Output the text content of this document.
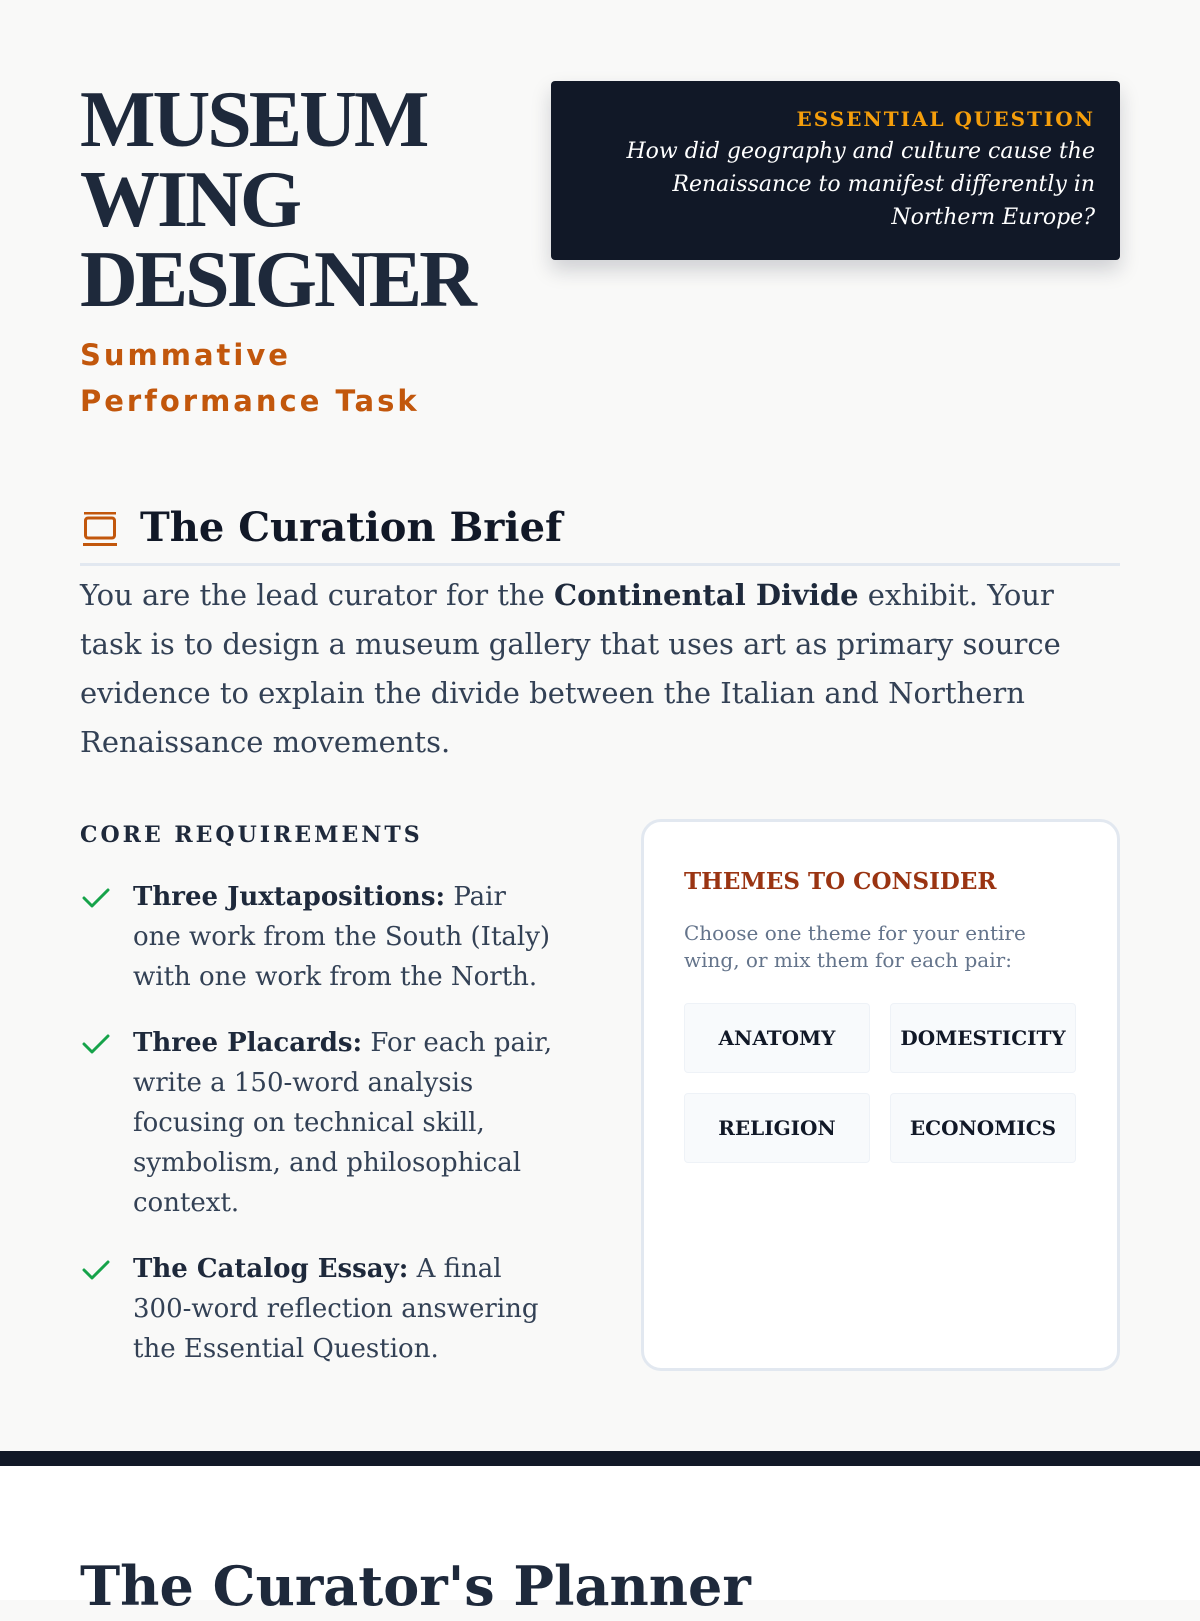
MUSEUM
WING
DESIGNER

Summative Performance Task

ESSENTIAL QUESTION
How did geography and culture cause the Renaissance to manifest differently in Northern Europe?
The Curation Brief

You are the lead curator for the Continental Divide exhibit. Your task is to design a museum gallery that uses art as primary source evidence to explain the divide between the Italian and Northern Renaissance movements.

CORE REQUIREMENTS
Three Juxtapositions: Pair one work from the South (Italy) with one work from the North.
Three Placards: For each pair, write a 150-word analysis focusing on technical skill, symbolism, and philosophical context.
The Catalog Essay: A final 300-word reflection answering the Essential Question.
THEMES TO CONSIDER

Choose one theme for your entire wing, or mix them for each pair:

ANATOMY	DOMESTICITY
RELIGION	ECONOMICS
The Curator's Planner
